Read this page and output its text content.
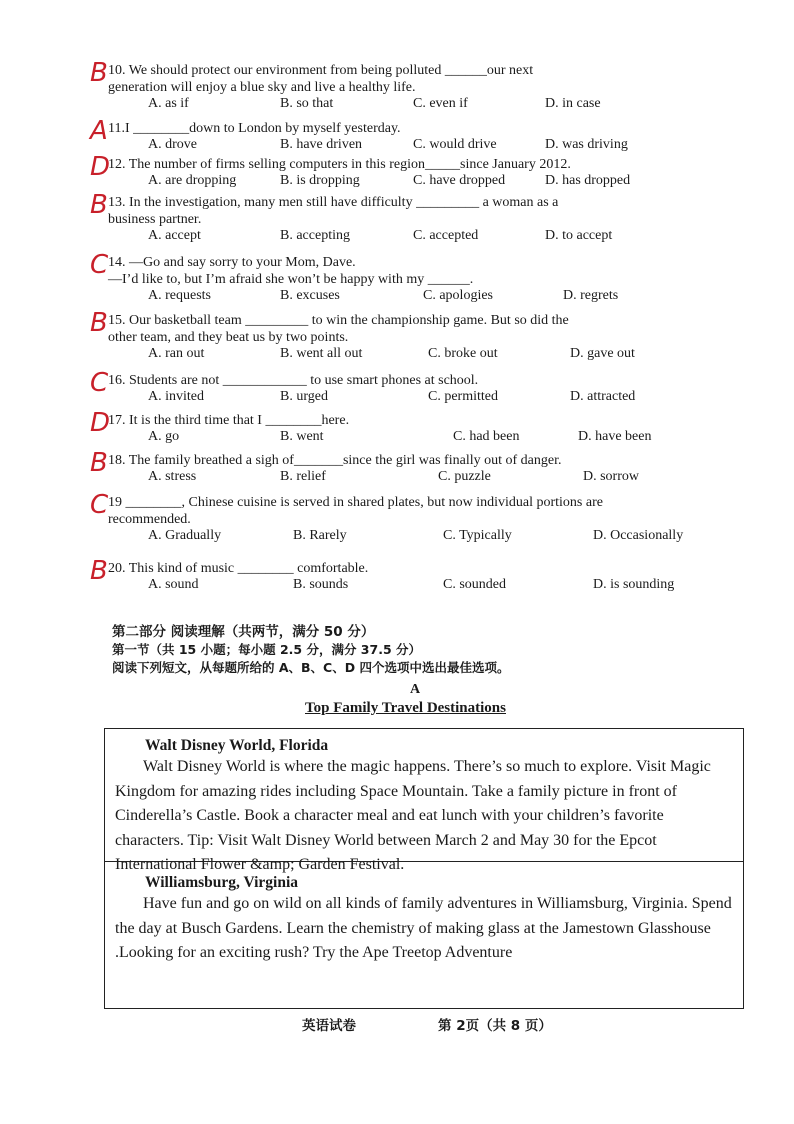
B 10. We should protect our environment from being polluted ______our next
generation will enjoy a blue sky and live a healthy life.
A. as if	B. so that	C. even if	D. in case
A 11.I ________down to London by myself yesterday.
A. drove	B. have driven	C. would drive	D. was driving
D
12. The number of firms selling computers in this region_____since January 2012.
A. are dropping	B. is dropping	C. have dropped	D. has dropped
B 13. In the investigation, many men still have difficulty _________ a woman as a
business partner.
A. accept	B. accepting	C. accepted	D. to accept
C 14. —Go and say sorry to your Mom, Dave.
—I’d like to, but I’m afraid she won’t be happy with my ______.
A. requests	B. excuses	C. apologies	D. regrets
B 15. Our basketball team _________ to win the championship game. But so did the
other team, and they beat us by two points.
A. ran out	B. went all out	C. broke out	D. gave out
C 16. Students are not ____________ to use smart phones at school.
A. invited	B. urged	C. permitted	D. attracted
D
17. It is the third time that I ________here.
A. go	B. went	C. had been	D. have been
B 18. The family breathed a sigh of_______since the girl was finally out of danger.
A. stress	B. relief	C. puzzle	D. sorrow
C 19 ________, Chinese cuisine is served in shared plates, but now individual portions are
recommended.
A. Gradually	B. Rarely	C. Typically	D. Occasionally
B 20. This kind of music ________ comfortable.
A. sound	B. sounds	C. sounded	D. is sounding
第二部分 阅读理解（共两节，满分 50 分）
第一节（共 15 小题；每小题 2.5 分，满分 37.5 分）
阅读下列短文，从每题所给的 A、B、C、D 四个选项中选出最佳选项。
A
Top Family Travel Destinations
Walt Disney World, Florida

Walt Disney World is where the magic happens. There’s so much to explore. Visit Magic Kingdom for amazing rides including Space Mountain. Take a family picture in front of Cinderella’s Castle. Book a character meal and eat lunch with your children’s favorite characters. Tip: Visit Walt Disney World between March 2 and May 30 for the Epcot International Flower &amp; Garden Festival.

Williamsburg, Virginia

Have fun and go on wild on all kinds of family adventures in Williamsburg, Virginia. Spend the day at Busch Gardens. Learn the chemistry of making glass at the Jamestown Glasshouse .Looking for an exciting rush? Try the Ape Treetop Adventure

英语试卷	第 2页（共 8 页）
